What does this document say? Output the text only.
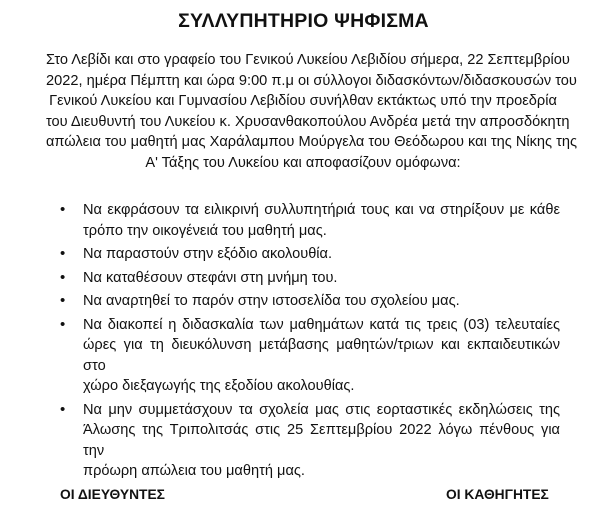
ΣΥΛΛΥΠΗΤΗΡΙΟ ΨΗΦΙΣΜΑ
Στο Λεβίδι και στο γραφείο του Γενικού Λυκείου Λεβιδίου σήμερα, 22 Σεπτεμβρίου
2022, ημέρα Πέμπτη και ώρα 9:00 π.μ οι σύλλογοι διδασκόντων/διδασκουσών του
Γενικού Λυκείου και Γυμνασίου Λεβιδίου συνήλθαν εκτάκτως υπό την προεδρία
του Διευθυντή του Λυκείου κ. Χρυσανθακοπούλου Ανδρέα μετά την απροσδόκητη
απώλεια του μαθητή μας Χαράλαμπου Μούργελα του Θεόδωρου και της Νίκης της
Α' Τάξης του Λυκείου και αποφασίζουν ομόφωνα:
• Να εκφράσουν τα ειλικρινή συλλυπητήριά τους και να στηρίξουν με κάθε
τρόπο την οικογένειά του μαθητή μας.
• Να παραστούν στην εξόδιο ακολουθία.
• Να καταθέσουν στεφάνι στη μνήμη του.
• Να αναρτηθεί το παρόν στην ιστοσελίδα του σχολείου μας.
• Να διακοπεί η διδασκαλία των μαθημάτων κατά τις τρεις (03) τελευταίες
ώρες για τη διευκόλυνση μετάβασης μαθητών/τριων και εκπαιδευτικών στο
χώρο διεξαγωγής της εξοδίου ακολουθίας.
• Να μην συμμετάσχουν τα σχολεία μας στις εορταστικές εκδηλώσεις της
Άλωσης της Τριπολιτσάς στις 25 Σεπτεμβρίου 2022 λόγω πένθους για την
πρόωρη απώλεια του μαθητή μας.
ΟΙ ΔΙΕΥΘΥΝΤΕΣ	ΟΙ ΚΑΘΗΓΗΤΕΣ
